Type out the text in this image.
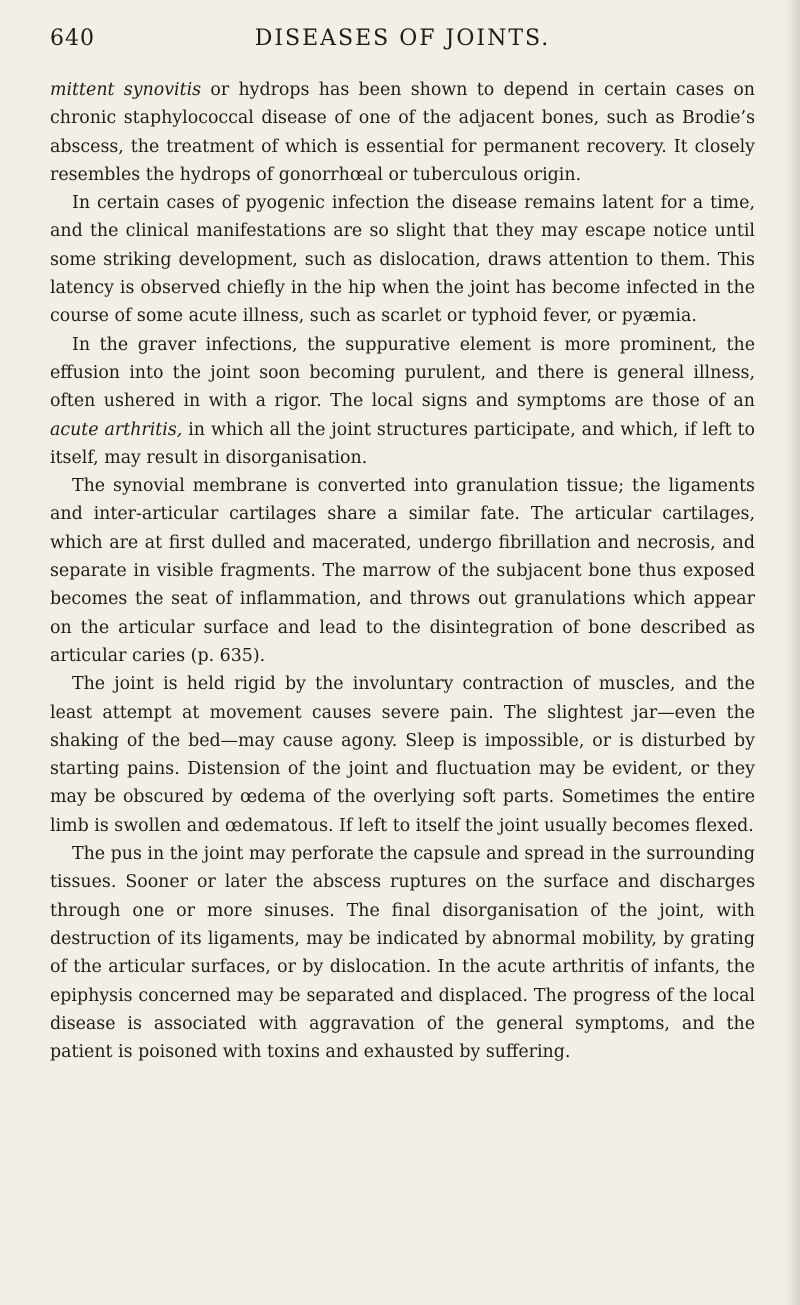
640	DISEASES OF JOINTS.

mittent synovitis or hydrops has been shown to depend in certain cases on chronic staphylococcal disease of one of the adjacent bones, such as Brodie’s abscess, the treatment of which is essential for permanent recovery. It closely resembles the hydrops of gonorrhœal or tuberculous origin.

In certain cases of pyogenic infection the disease remains latent for a time, and the clinical manifestations are so slight that they may escape notice until some striking development, such as dislocation, draws attention to them. This latency is observed chiefly in the hip when the joint has become infected in the course of some acute illness, such as scarlet or typhoid fever, or pyæmia.

In the graver infections, the suppurative element is more prominent, the effusion into the joint soon becoming purulent, and there is general illness, often ushered in with a rigor. The local signs and symptoms are those of an acute arthritis, in which all the joint structures participate, and which, if left to itself, may result in disorganisation.

The synovial membrane is converted into granulation tissue; the ligaments and inter-articular cartilages share a similar fate. The articular cartilages, which are at first dulled and macerated, undergo fibrillation and necrosis, and separate in visible fragments. The marrow of the subjacent bone thus exposed becomes the seat of inflammation, and throws out granulations which appear on the articular surface and lead to the disintegration of bone described as articular caries (p. 635).

The joint is held rigid by the involuntary contraction of muscles, and the least attempt at movement causes severe pain. The slightest jar—even the shaking of the bed—may cause agony. Sleep is impossible, or is disturbed by starting pains. Distension of the joint and fluctuation may be evident, or they may be obscured by œdema of the overlying soft parts. Sometimes the entire limb is swollen and œdematous. If left to itself the joint usually becomes flexed.

The pus in the joint may perforate the capsule and spread in the surrounding tissues. Sooner or later the abscess ruptures on the surface and discharges through one or more sinuses. The final disorganisation of the joint, with destruction of its ligaments, may be indicated by abnormal mobility, by grating of the articular surfaces, or by dislocation. In the acute arthritis of infants, the epiphysis concerned may be separated and displaced. The progress of the local disease is associated with aggravation of the general symptoms, and the patient is poisoned with toxins and exhausted by suffering.
